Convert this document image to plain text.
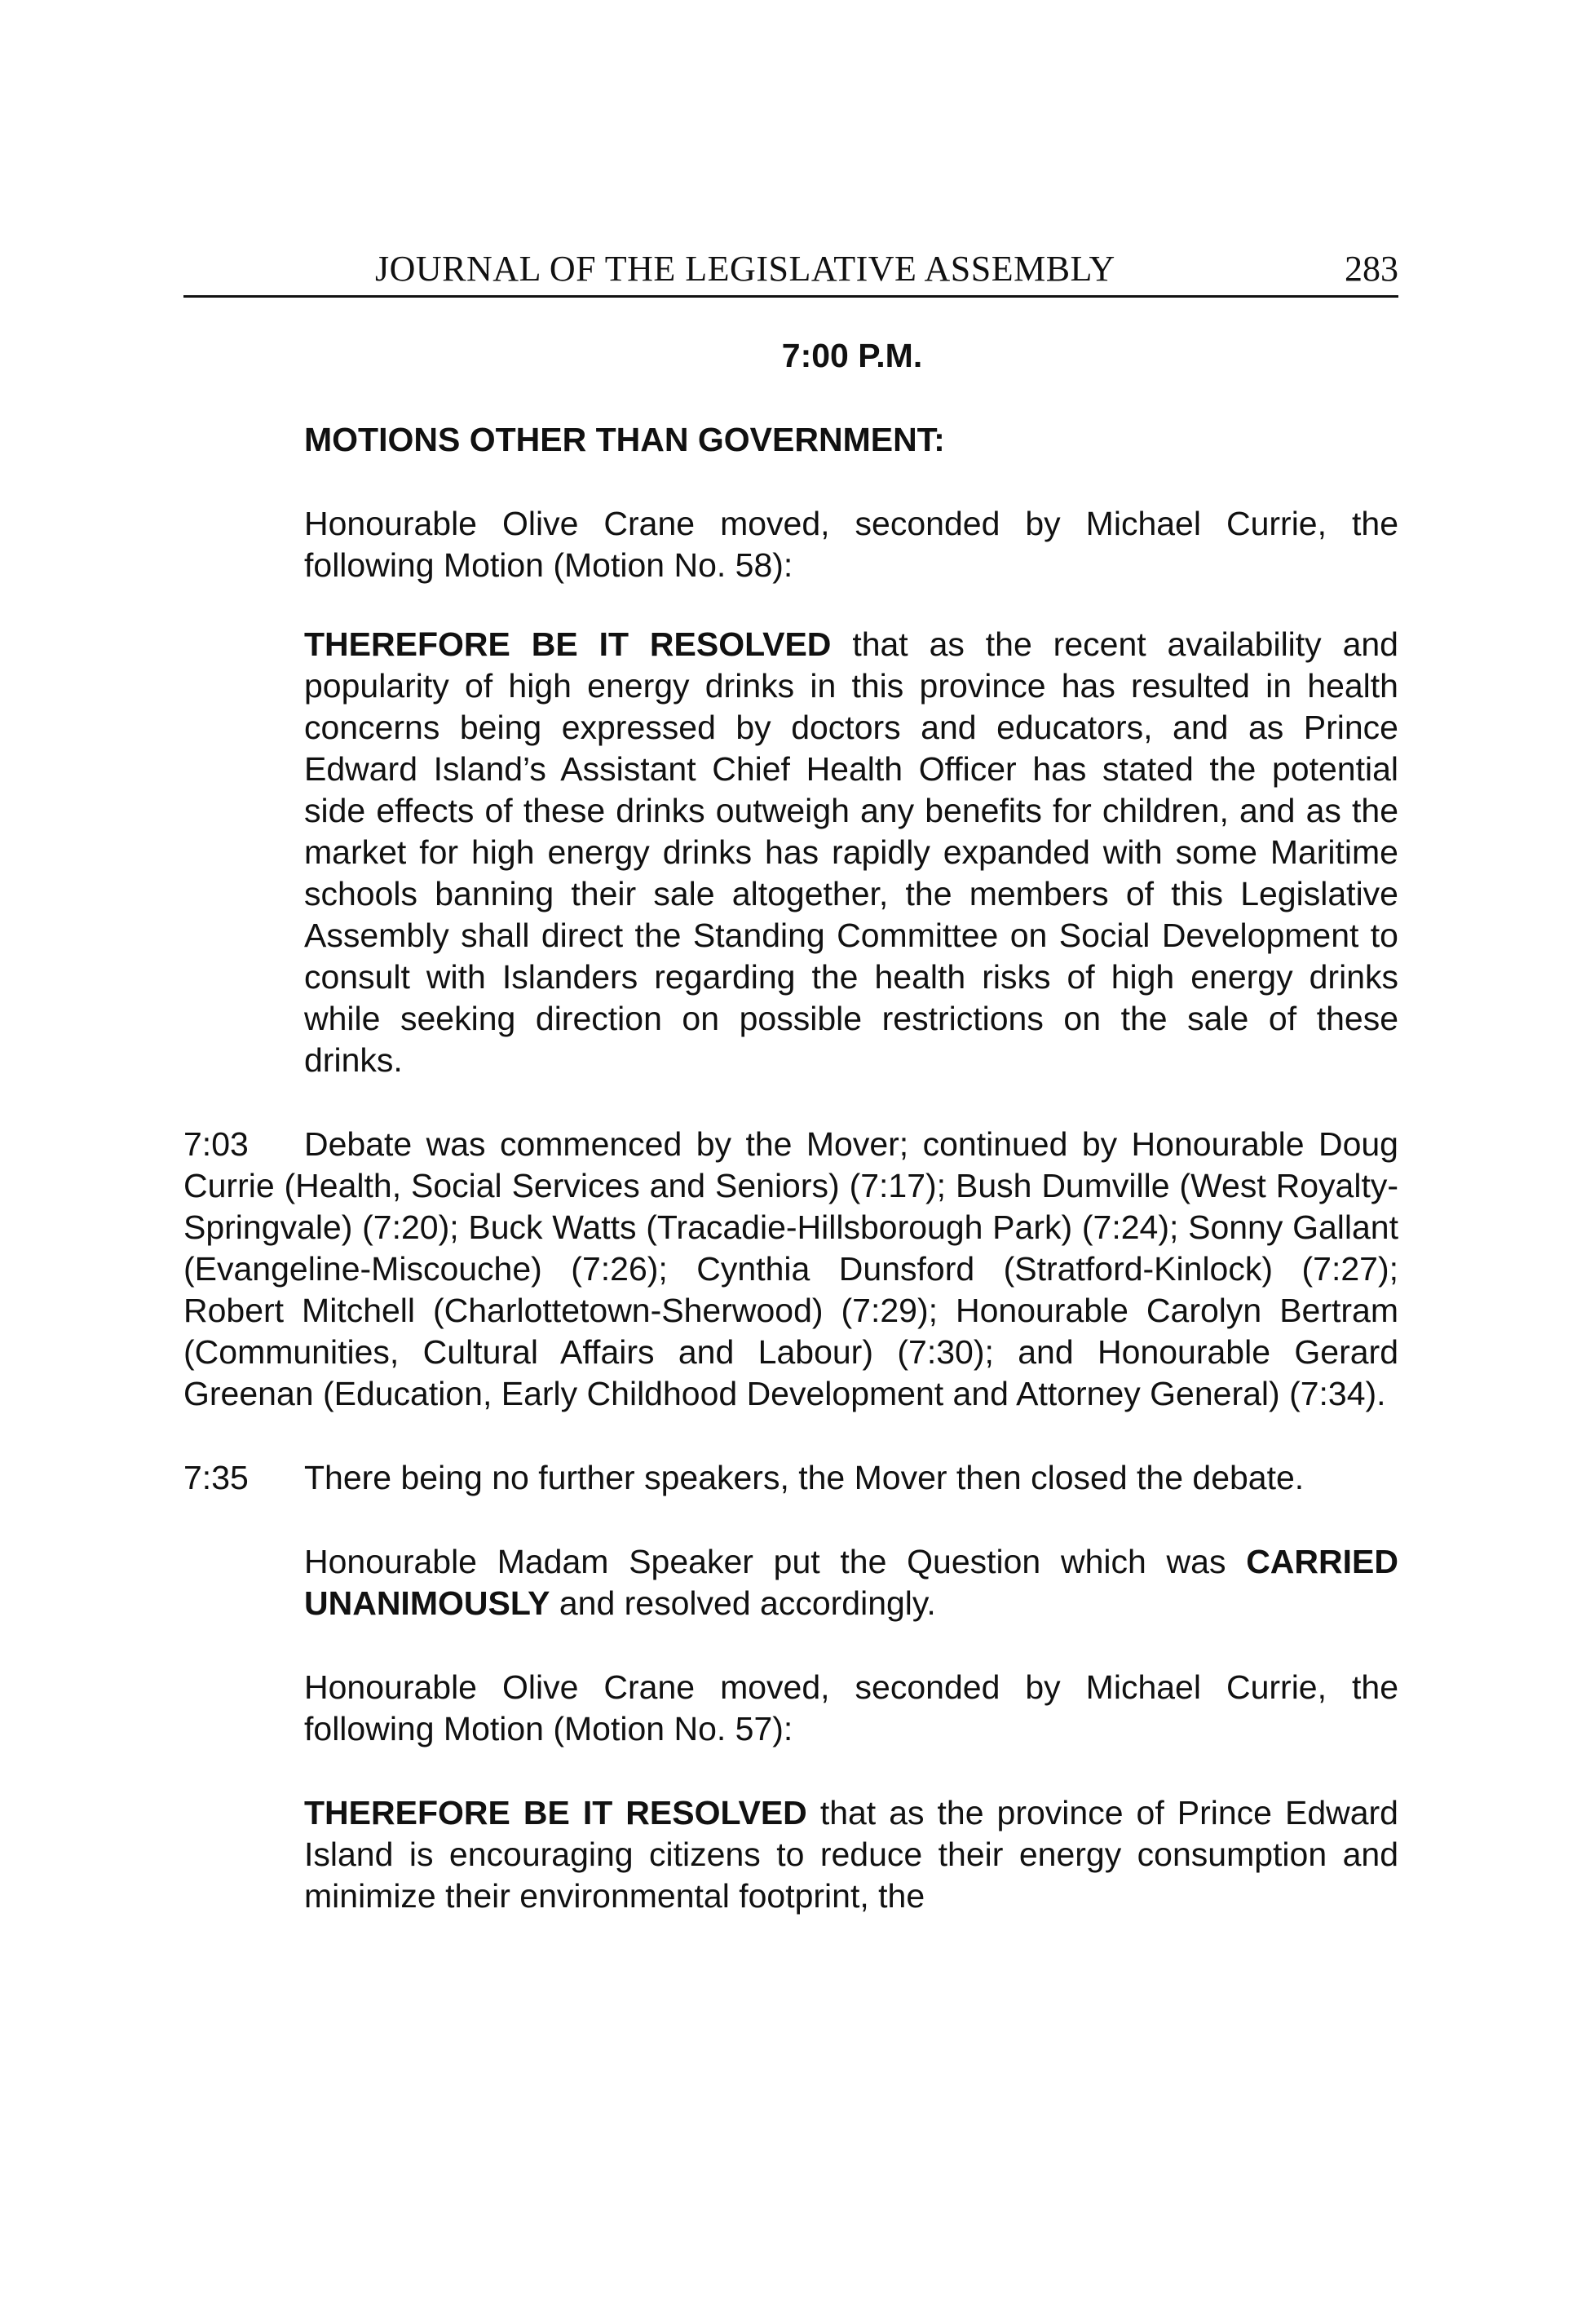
JOURNAL OF THE LEGISLATIVE ASSEMBLY	283
7:00 P.M.
MOTIONS OTHER THAN GOVERNMENT:
Honourable Olive Crane moved, seconded by Michael Currie, the following Motion (Motion No. 58):
THEREFORE BE IT RESOLVED that as the recent availability and popularity of high energy drinks in this province has resulted in health concerns being expressed by doctors and educators, and as Prince Edward Island’s Assistant Chief Health Officer has stated the potential side effects of these drinks outweigh any benefits for children, and as the market for high energy drinks has rapidly expanded with some Maritime schools banning their sale altogether, the members of this Legislative Assembly shall direct the Standing Committee on Social Development to consult with Islanders regarding the health risks of high energy drinks while seeking direction on possible restrictions on the sale of these drinks.
7:03 Debate was commenced by the Mover; continued by Honourable Doug Currie (Health, Social Services and Seniors) (7:17); Bush Dumville (West Royalty-Springvale) (7:20); Buck Watts (Tracadie-Hillsborough Park) (7:24); Sonny Gallant (Evangeline-Miscouche) (7:26); Cynthia Dunsford (Stratford-Kinlock) (7:27); Robert Mitchell (Charlottetown-Sherwood) (7:29); Honourable Carolyn Bertram (Communities, Cultural Affairs and Labour) (7:30); and Honourable Gerard Greenan (Education, Early Childhood Development and Attorney General) (7:34).
7:35	There being no further speakers, the Mover then closed the debate.
Honourable Madam Speaker put the Question which was CARRIED UNANIMOUSLY and resolved accordingly.
Honourable Olive Crane moved, seconded by Michael Currie, the following Motion (Motion No. 57):
THEREFORE BE IT RESOLVED that as the province of Prince Edward Island is encouraging citizens to reduce their energy consumption and minimize their environmental footprint, the
